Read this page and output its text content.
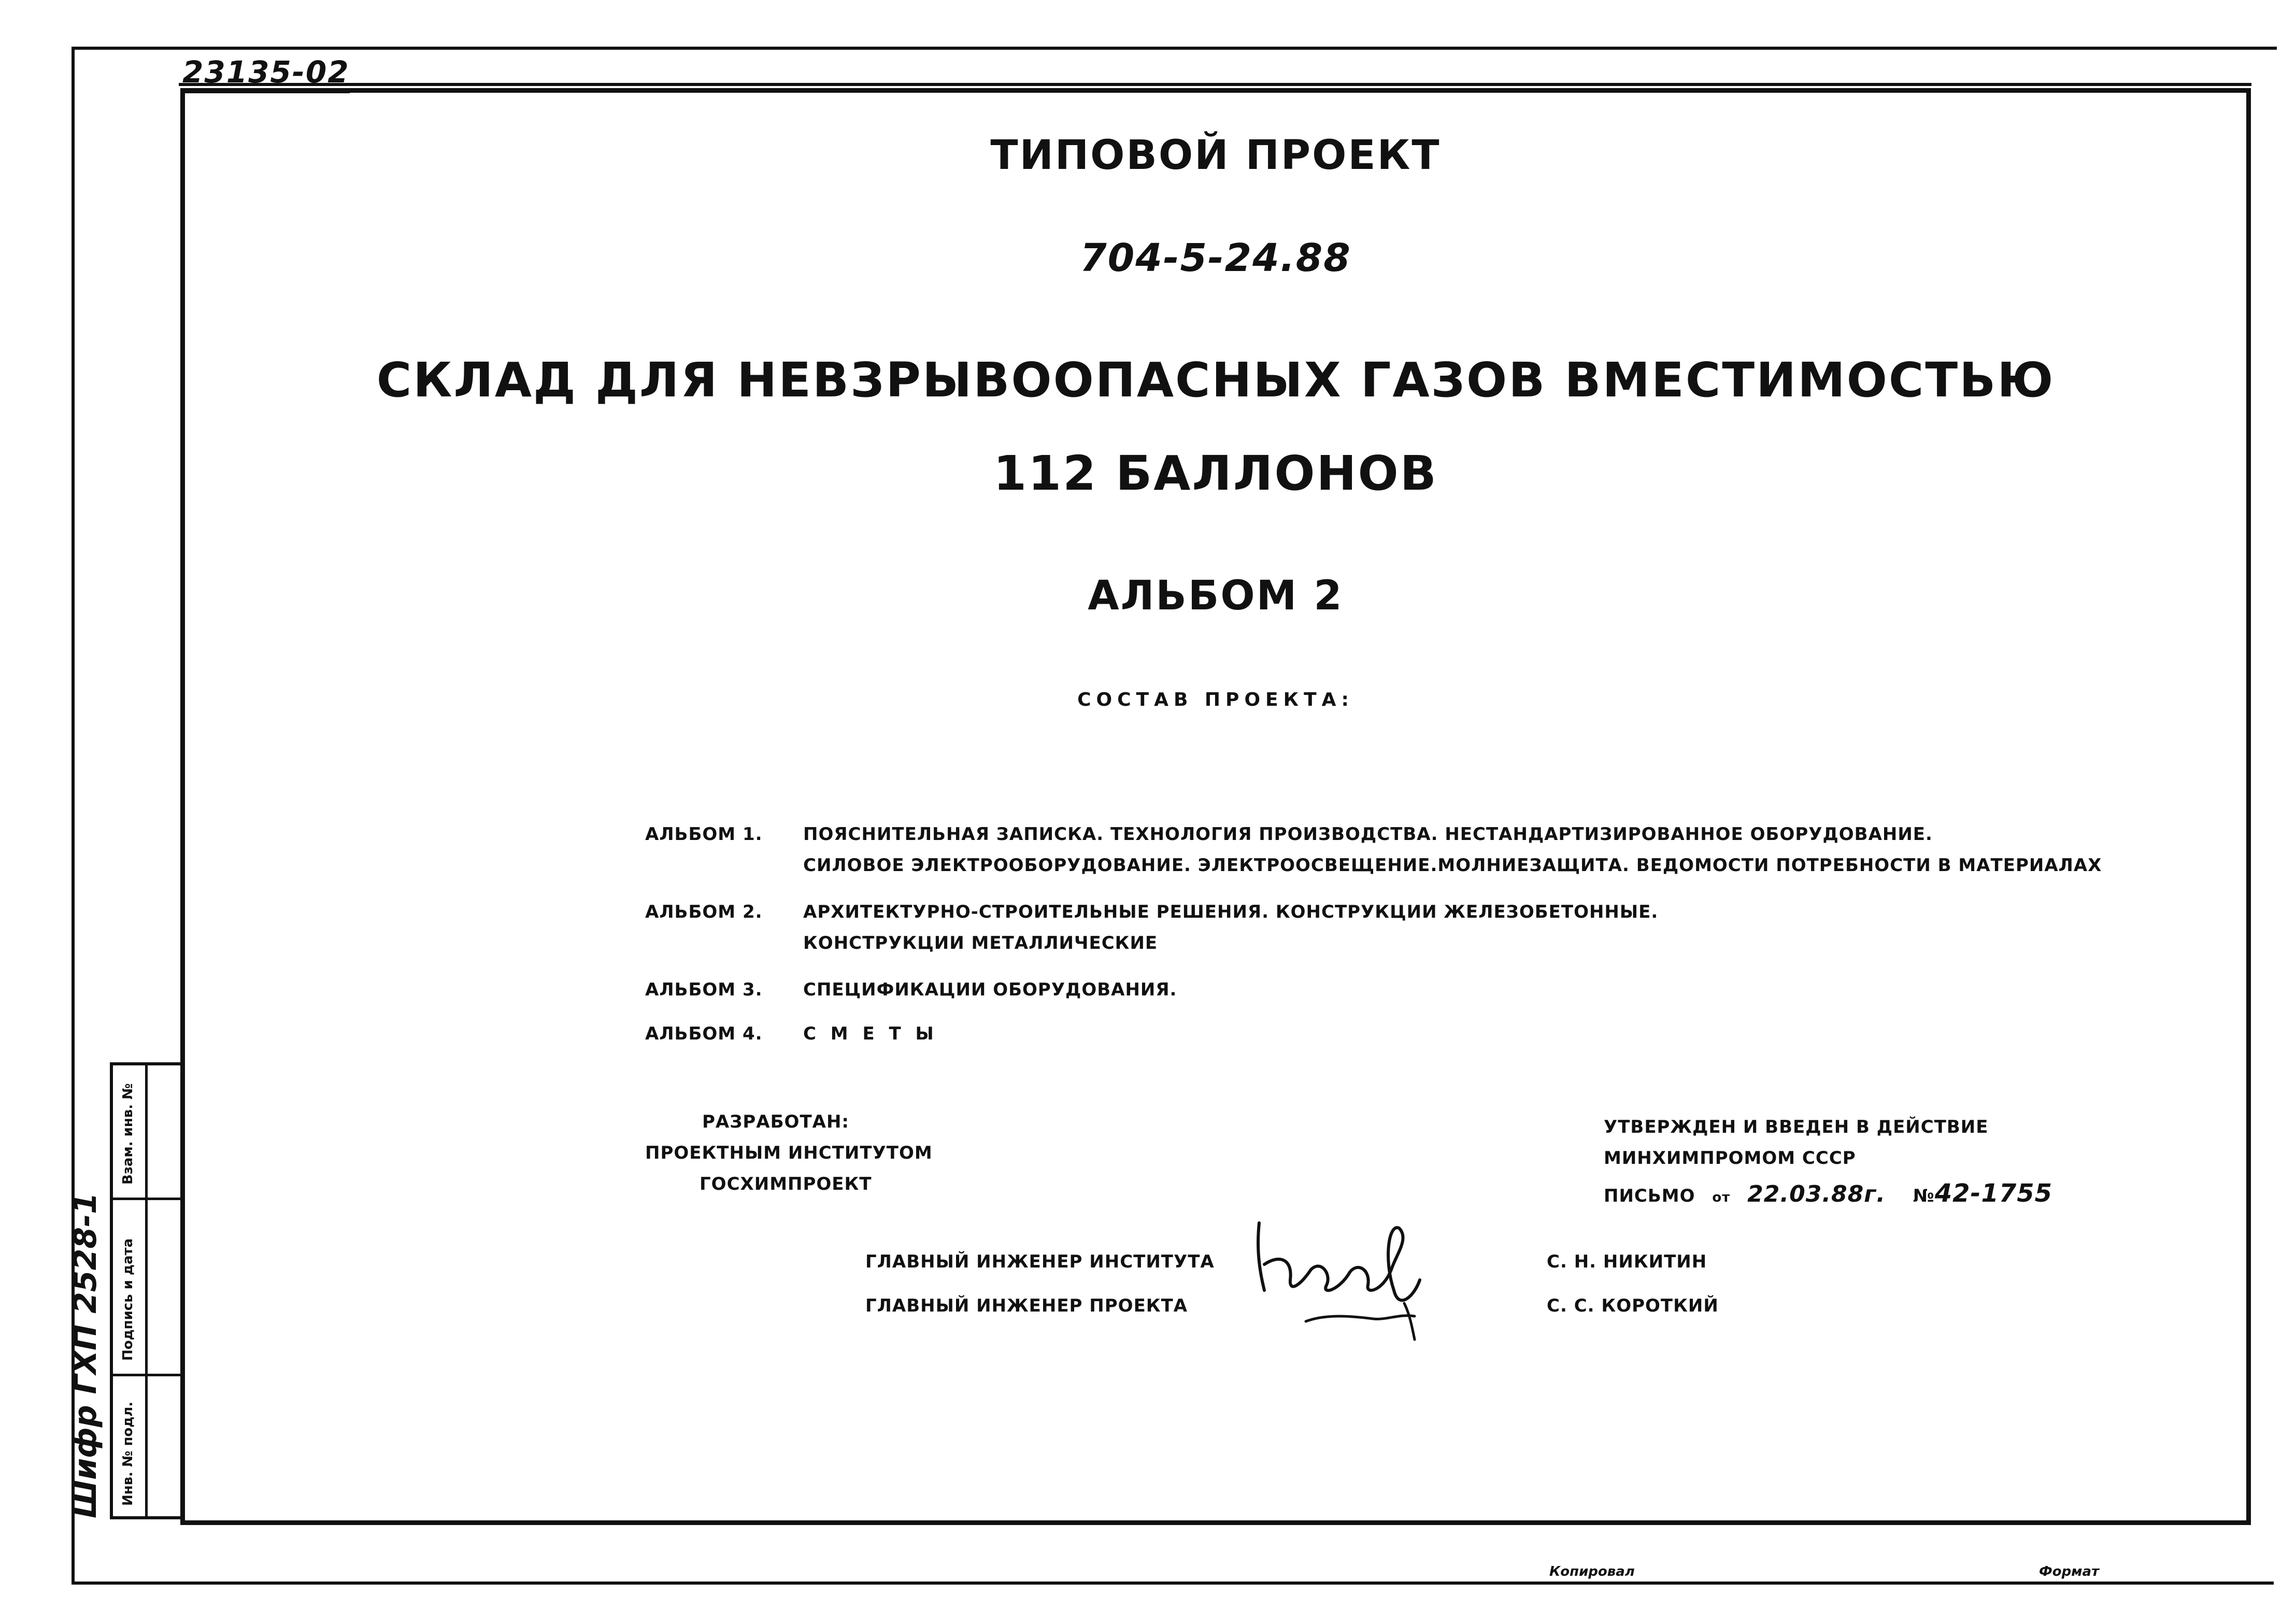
23135-02
ТИПОВОЙ ПРОЕКТ
704-5-24.88
СКЛАД ДЛЯ НЕВЗРЫВООПАСНЫХ ГАЗОВ ВМЕСТИМОСТЬЮ
112 БАЛЛОНОВ
АЛЬБОМ 2
СОСТАВ ПРОЕКТА:
АЛЬБОМ 1. ПОЯСНИТЕЛЬНАЯ ЗАПИСКА. ТЕХНОЛОГИЯ ПРОИЗВОДСТВА. НЕСТАНДАРТИЗИРОВАННОЕ ОБОРУДОВАНИЕ.
СИЛОВОЕ ЭЛЕКТРООБОРУДОВАНИЕ. ЭЛЕКТРООСВЕЩЕНИЕ.МОЛНИЕЗАЩИТА. ВЕДОМОСТИ ПОТРЕБНОСТИ В МАТЕРИАЛАХ
АЛЬБОМ 2. АРХИТЕКТУРНО-СТРОИТЕЛЬНЫЕ РЕШЕНИЯ. КОНСТРУКЦИИ ЖЕЛЕЗОБЕТОННЫЕ.
КОНСТРУКЦИИ МЕТАЛЛИЧЕСКИЕ
АЛЬБОМ 3. СПЕЦИФИКАЦИИ ОБОРУДОВАНИЯ.
АЛЬБОМ 4. С М Е Т Ы
РАЗРАБОТАН:
ПРОЕКТНЫМ ИНСТИТУТОМ
ГОСХИМПРОЕКТ
УТВЕРЖДЕН И ВВЕДЕН В ДЕЙСТВИЕ
МИНХИМПРОМОМ СССР
ПИСЬМО от 22.03.88г. №42-1755
ГЛАВНЫЙ ИНЖЕНЕР ИНСТИТУТА	С. Н. НИКИТИН
ГЛАВНЫЙ ИНЖЕНЕР ПРОЕКТА	С. С. КОРОТКИЙ
Взам. инв. №
Подпись и дата
Инв. № подл.
Шифр ГХП 2528-1
Копировал	Формат
